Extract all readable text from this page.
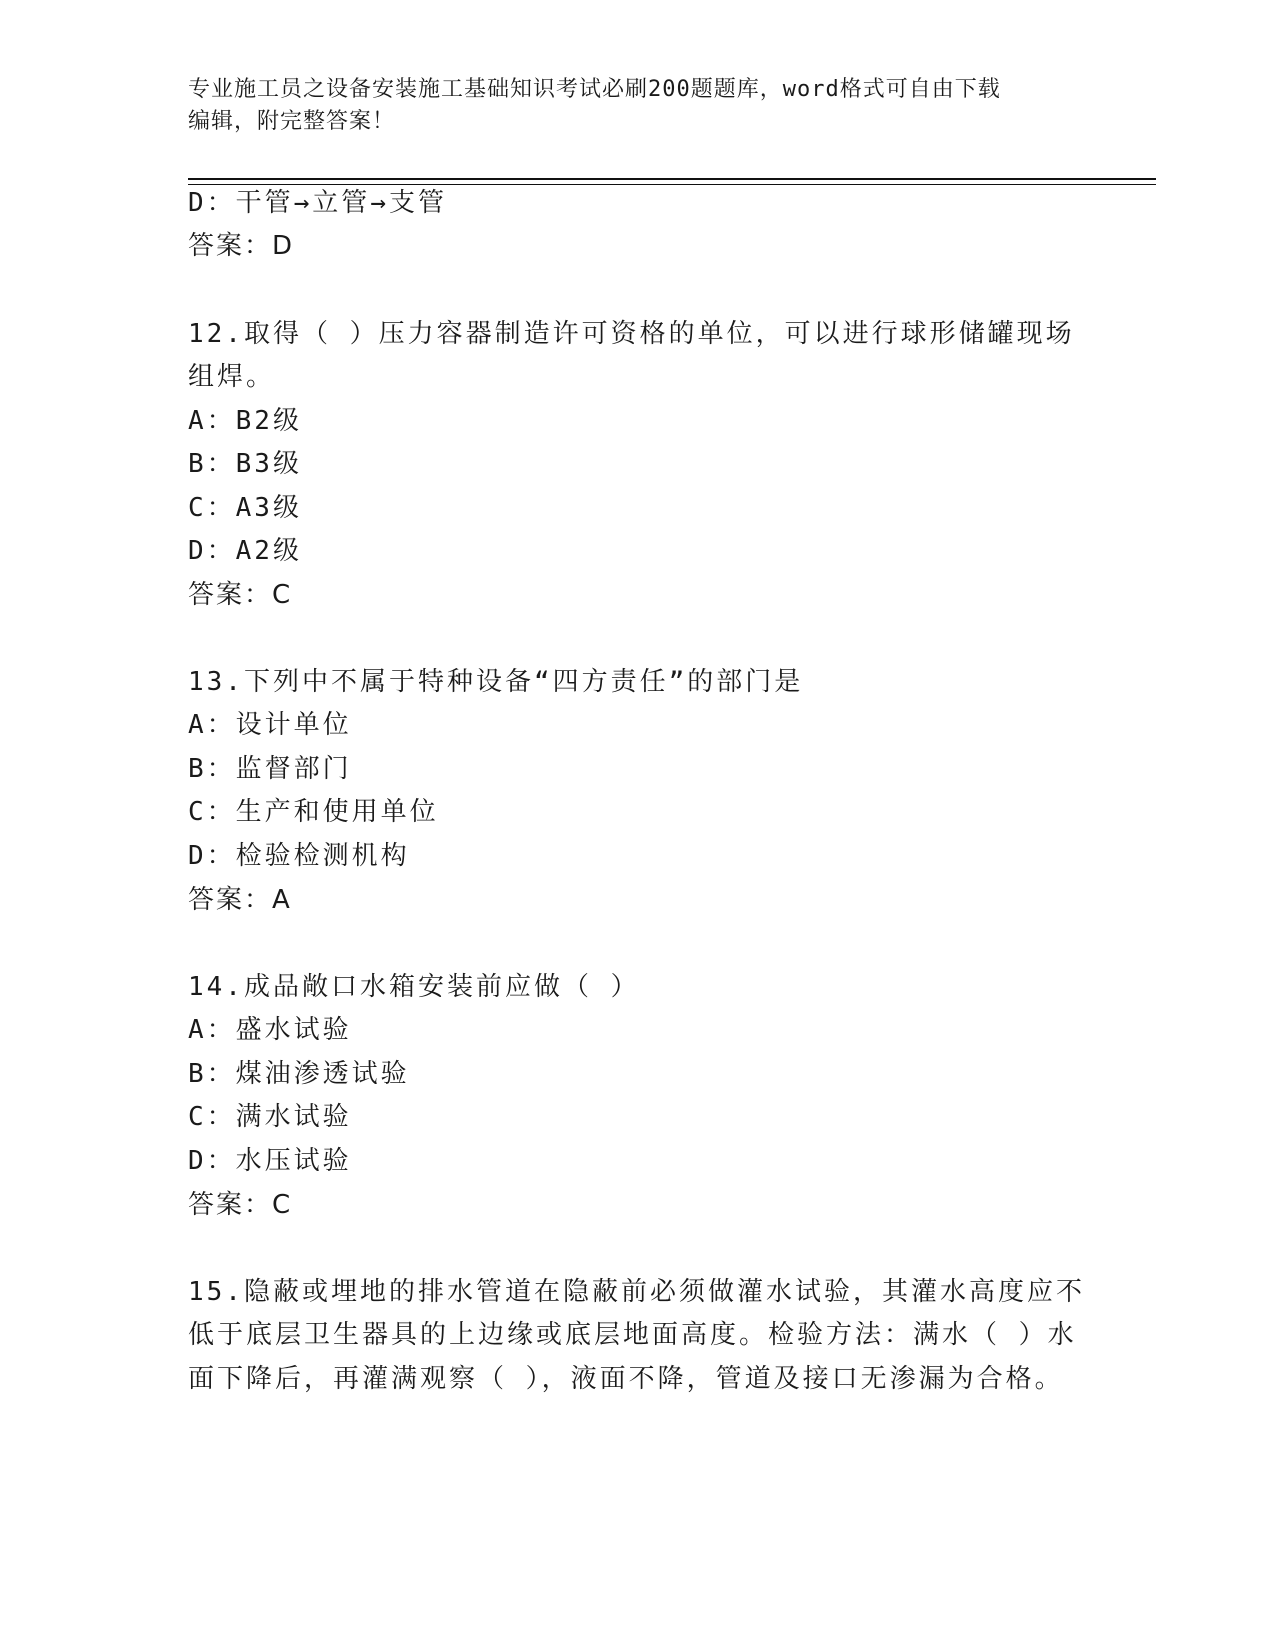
专业施工员之设备安装施工基础知识考试必刷200题题库，word格式可自由下载
编辑，附完整答案！
D：干管→立管→支管
答案：D
12.取得（ ）压力容器制造许可资格的单位，可以进行球形储罐现场
组焊。
A：B2级
B：B3级
C：A3级
D：A2级
答案：C
13.下列中不属于特种设备“四方责任”的部门是
A：设计单位
B：监督部门
C：生产和使用单位
D：检验检测机构
答案：A
14.成品敞口水箱安装前应做（ ）
A：盛水试验
B：煤油渗透试验
C：满水试验
D：水压试验
答案：C
15.隐蔽或埋地的排水管道在隐蔽前必须做灌水试验，其灌水高度应不
低于底层卫生器具的上边缘或底层地面高度。检验方法：满水（ ）水
面下降后，再灌满观察（ ），液面不降，管道及接口无渗漏为合格。
